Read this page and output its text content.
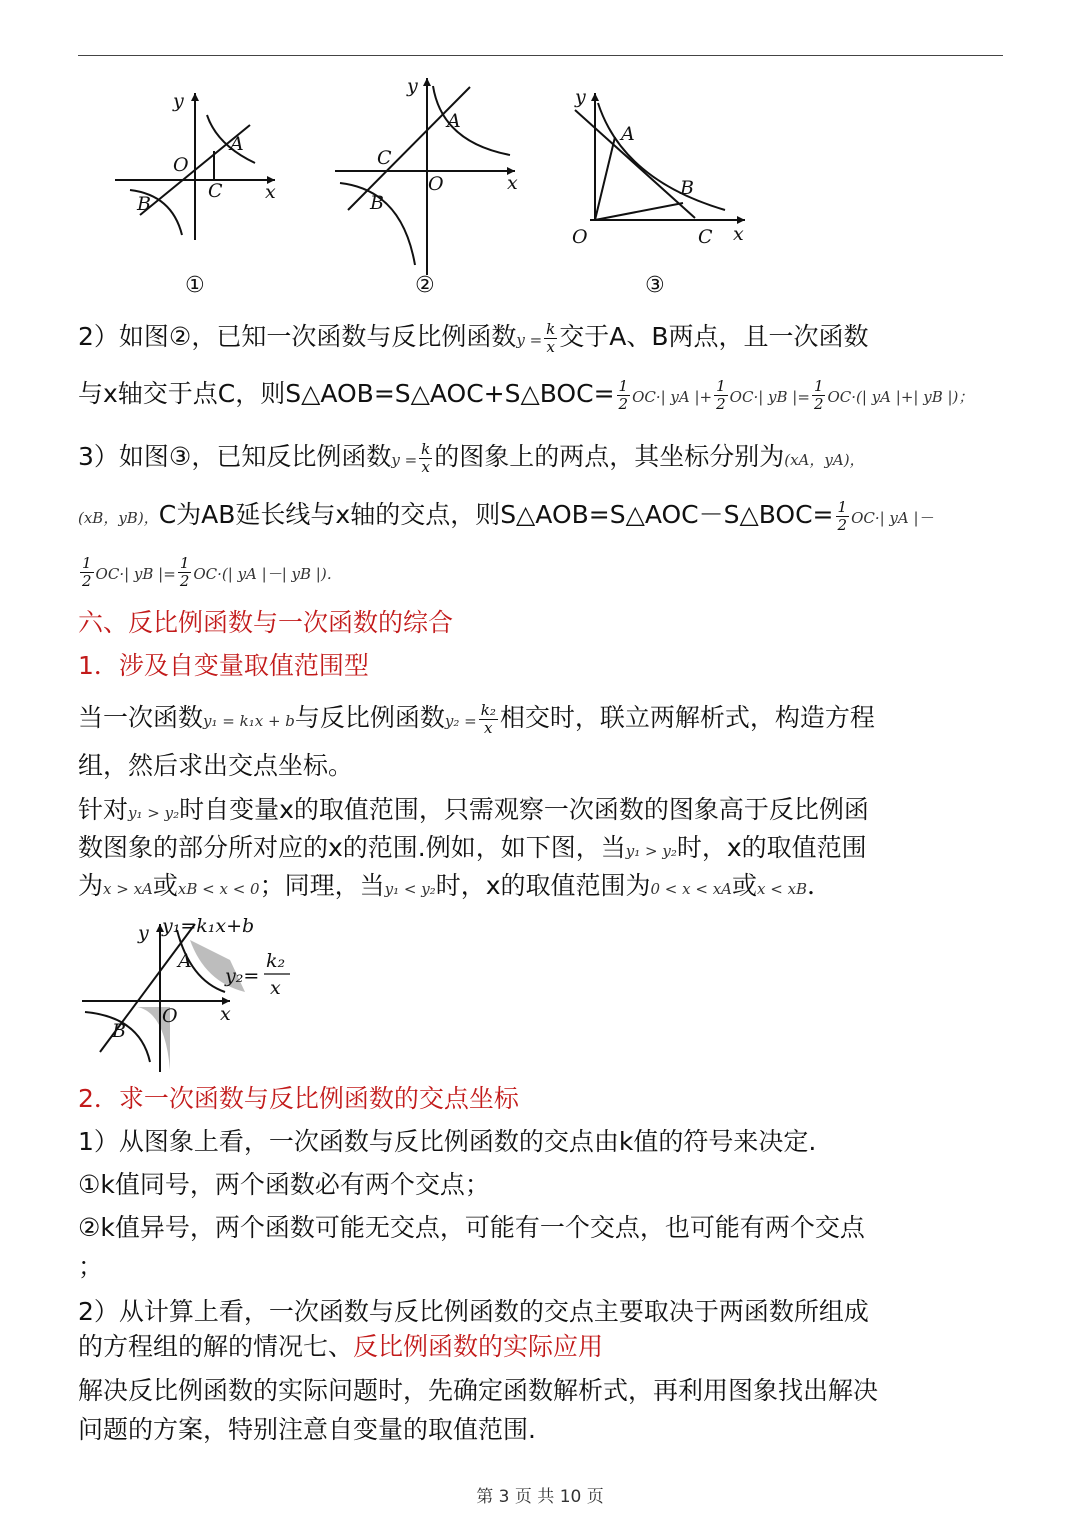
y
x
O
A
B
C
①
y
x
O
A
B
C
②
y
x
O
A
B
C
③
2）如图②，已知一次函数与反比例函数$y = \frac{k}{x}$ 交于A、B两点，且一次函数
与x轴交于点C，则S△AOB=S△AOC+S△BOC= $\frac{1}{2} OC\cdot|$ yA |+ $\frac{1}{2} OC\cdot|$ yB |= $\frac{1}{2} OC\cdot(|$ yA |+| yB |)；
3）如图③，已知反比例函数$y = \frac{k}{x}$ 的图象上的两点，其坐标分别为(xA，yA)，
(xB，yB)，C为AB延长线与x轴的交点，则S△AOB=S△AOC－S△BOC= $\frac{1}{2} OC\cdot|$ yA |－
$\frac{1}{2} OC\cdot|$ yB |= $\frac{1}{2} OC\cdot(|$ yA |－| yB |)．
六、反比例函数与一次函数的综合
1．涉及自变量取值范围型
当一次函数y₁ = k₁x + b与反比例函数$y_2 = \frac{\text{k₂}}{x}$ 相交时，联立两解析式，构造方程
组，然后求出交点坐标。
针对y₁ > y₂时自变量x的取值范围，只需观察一次函数的图象高于反比例函
数图象的部分所对应的x的范围.例如，如下图，当y₁ > y₂时，x的取值范围
为x > xA或xB < x < 0；同理，当y₁ < y₂时，x的取值范围为0 < x < xA或x < xB．
y
x
O
A
B
y₁=k₁x+b
y₂=
k₂
x
2．求一次函数与反比例函数的交点坐标
1）从图象上看，一次函数与反比例函数的交点由k值的符号来决定.
①k值同号，两个函数必有两个交点；
②k值异号，两个函数可能无交点，可能有一个交点，也可能有两个交点
；
2）从计算上看，一次函数与反比例函数的交点主要取决于两函数所组成
的方程组的解的情况七、反比例函数的实际应用
解决反比例函数的实际问题时，先确定函数解析式，再利用图象找出解决
问题的方案，特别注意自变量的取值范围.
第 3 页 共 10 页
